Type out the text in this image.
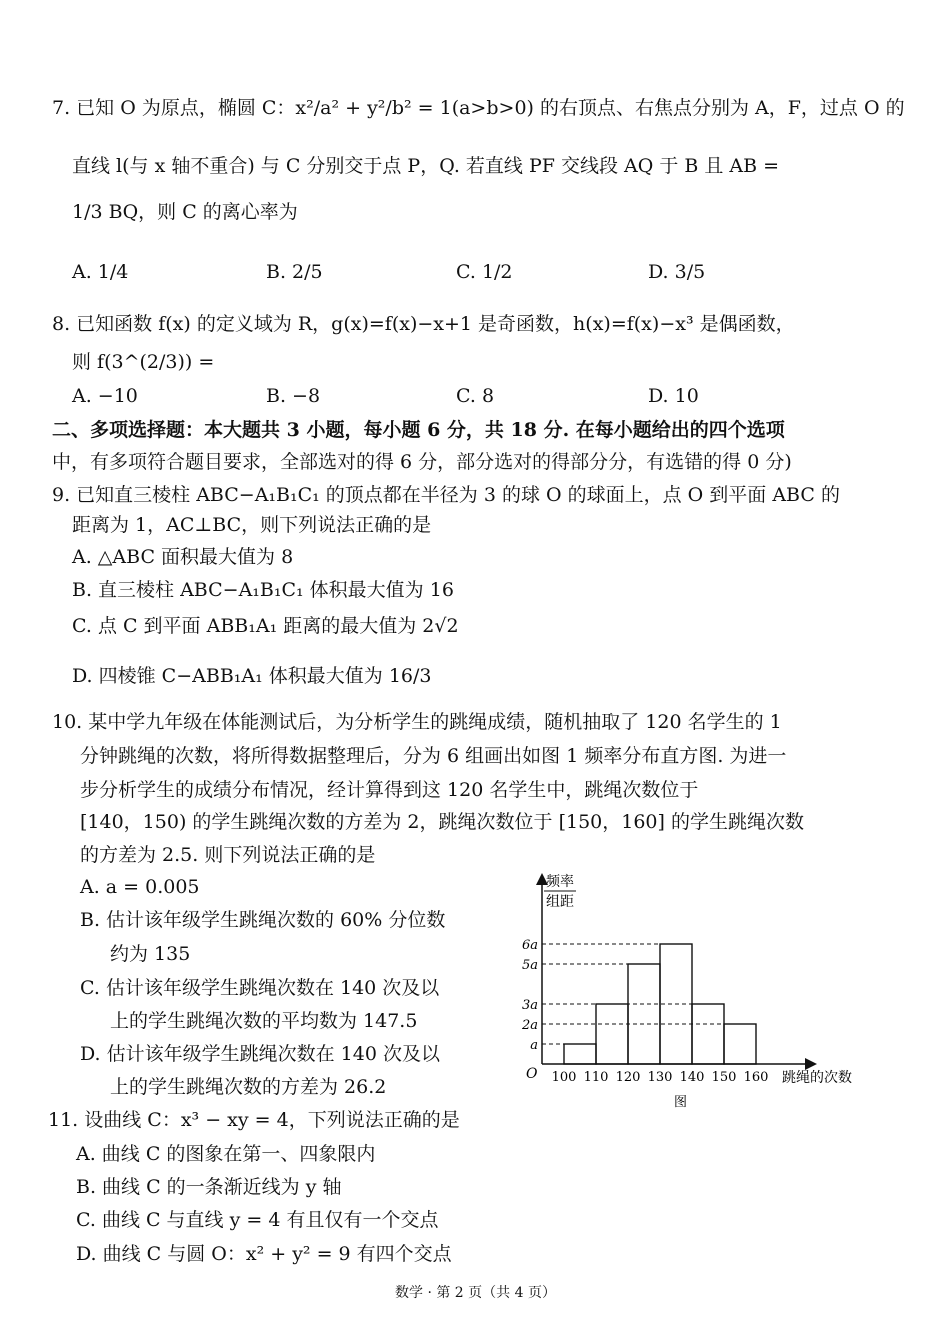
7. 已知 O 为原点，椭圆 C：x²/a² + y²/b² = 1(a>b>0) 的右顶点、右焦点分别为 A，F，过点 O 的
直线 l(与 x 轴不重合) 与 C 分别交于点 P，Q. 若直线 PF 交线段 AQ 于 B 且 AB =
1/3 BQ，则 C 的离心率为
A. 1/4	B. 2/5	C. 1/2	D. 3/5
8. 已知函数 f(x) 的定义域为 R，g(x)=f(x)−x+1 是奇函数，h(x)=f(x)−x³ 是偶函数，
则 f(3^(2/3)) =
A. −10	B. −8	C. 8	D. 10
二、多项选择题：本大题共 3 小题，每小题 6 分，共 18 分. 在每小题给出的四个选项
中，有多项符合题目要求，全部选对的得 6 分，部分选对的得部分分，有选错的得 0 分)
9. 已知直三棱柱 ABC−A₁B₁C₁ 的顶点都在半径为 3 的球 O 的球面上，点 O 到平面 ABC 的
距离为 1，AC⊥BC，则下列说法正确的是
A. △ABC 面积最大值为 8
B. 直三棱柱 ABC−A₁B₁C₁ 体积最大值为 16
C. 点 C 到平面 ABB₁A₁ 距离的最大值为 2√2
D. 四棱锥 C−ABB₁A₁ 体积最大值为 16/3
10. 某中学九年级在体能测试后，为分析学生的跳绳成绩，随机抽取了 120 名学生的 1
分钟跳绳的次数，将所得数据整理后，分为 6 组画出如图 1 频率分布直方图. 为进一
步分析学生的成绩分布情况，经计算得到这 120 名学生中，跳绳次数位于
[140，150) 的学生跳绳次数的方差为 2，跳绳次数位于 [150，160] 的学生跳绳次数
的方差为 2.5. 则下列说法正确的是
A. a = 0.005
B. 估计该年级学生跳绳次数的 60% 分位数
约为 135
C. 估计该年级学生跳绳次数在 140 次及以
上的学生跳绳次数的平均数为 147.5
D. 估计该年级学生跳绳次数在 140 次及以
上的学生跳绳次数的方差为 26.2
频率
组距
O
a
2a
3a
5a
6a
100 110 120 130 140 150 160 跳绳的次数
图
11. 设曲线 C：x³ − xy = 4，下列说法正确的是
A. 曲线 C 的图象在第一、四象限内
B. 曲线 C 的一条渐近线为 y 轴
C. 曲线 C 与直线 y = 4 有且仅有一个交点
D. 曲线 C 与圆 O：x² + y² = 9 有四个交点
数学 · 第 2 页（共 4 页）
